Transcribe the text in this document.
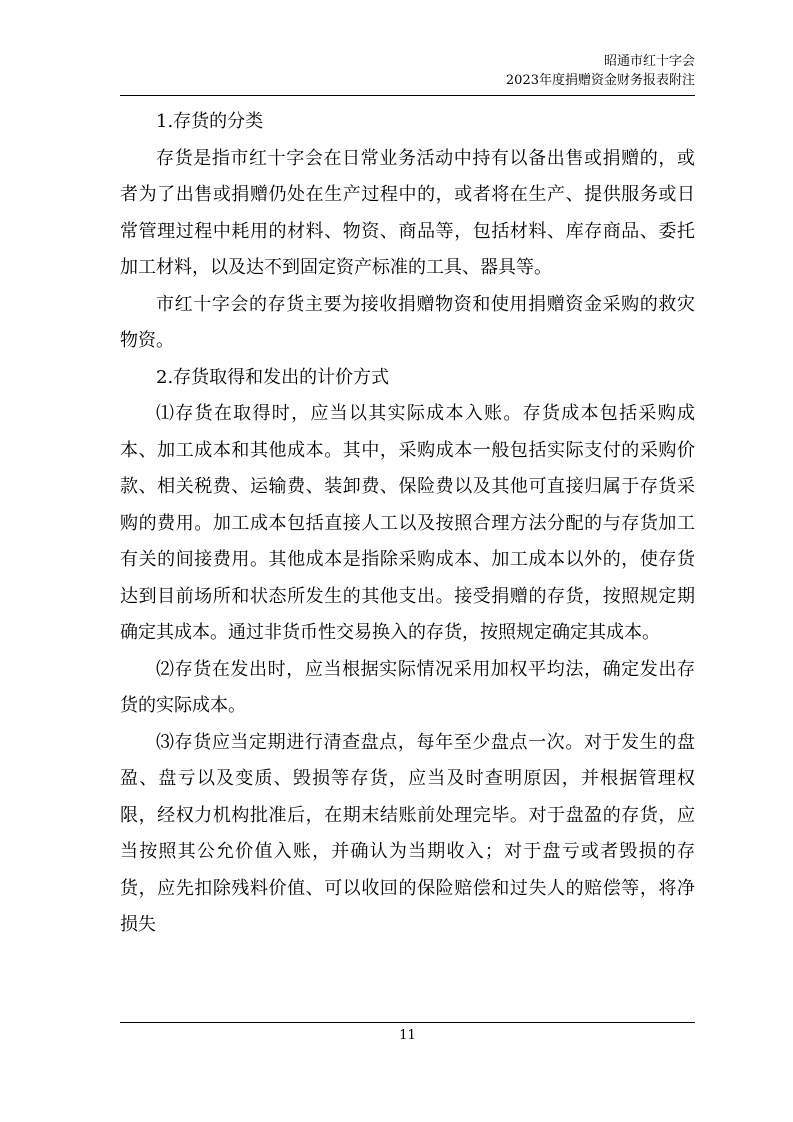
昭通市红十字会
2023年度捐赠资金财务报表附注

1.存货的分类

存货是指市红十字会在日常业务活动中持有以备出售或捐赠的，或者为了出售或捐赠仍处在生产过程中的，或者将在生产、提供服务或日常管理过程中耗用的材料、物资、商品等，包括材料、库存商品、委托加工材料，以及达不到固定资产标准的工具、器具等。

市红十字会的存货主要为接收捐赠物资和使用捐赠资金采购的救灾物资。

2.存货取得和发出的计价方式

⑴存货在取得时，应当以其实际成本入账。存货成本包括采购成本、加工成本和其他成本。其中，采购成本一般包括实际支付的采购价款、相关税费、运输费、装卸费、保险费以及其他可直接归属于存货采购的费用。加工成本包括直接人工以及按照合理方法分配的与存货加工有关的间接费用。其他成本是指除采购成本、加工成本以外的，使存货达到目前场所和状态所发生的其他支出。接受捐赠的存货，按照规定期确定其成本。通过非货币性交易换入的存货，按照规定确定其成本。

⑵存货在发出时，应当根据实际情况采用加权平均法，确定发出存货的实际成本。

⑶存货应当定期进行清查盘点，每年至少盘点一次。对于发生的盘盈、盘亏以及变质、毁损等存货，应当及时查明原因，并根据管理权限，经权力机构批准后，在期末结账前处理完毕。对于盘盈的存货，应当按照其公允价值入账，并确认为当期收入；对于盘亏或者毁损的存货，应先扣除残料价值、可以收回的保险赔偿和过失人的赔偿等，将净损失

11
